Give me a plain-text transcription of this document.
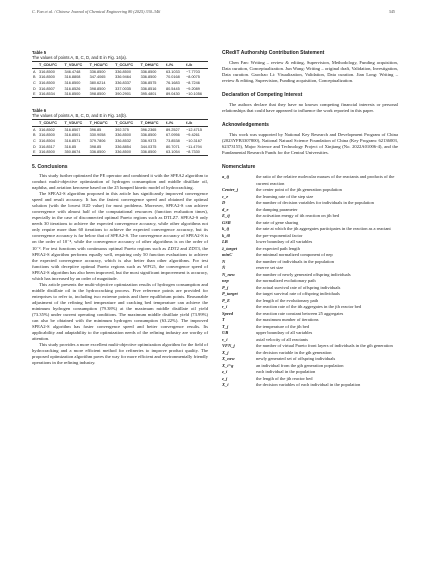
C. Fan et al. / Chinese Journal of Chemical Engineering 80 (2025) 330–346	345
Table 5
The values of points A, B, C, D, and E in Fig. 14(a).
	T_CDU/°C	T_VDU/°C	T_HCU/°C	T_CCU/°C	T_DHU/°C	f₁/%	f₂/k
A	316.8500	346.4748	336.8500	336.8500	336.8500	63.1033	−7.7703
B	316.8500	316.8808	347.4065	336.9464	336.8500	70.0168	−8.0075
C	316.8500	316.8500	380.6214	336.8337	336.8575	76.1683	−8.7246
D	316.8507	316.8526	398.8500	337.0035	336.8516	80.5445	−9.2089
E	316.8534	316.8500	398.8500	390.2901	395.4801	89.0430	−10.1056
Table 6
The values of points A, B, C, D, and E in Fig. 14(b).
	T_CDU/°C	T_VDU/°C	T_HCU/°C	T_CCU/°C	T_DHU/°C	f₁/%	f₂/k
A	316.8502	316.8507	396.85	392.375	396.2365	89.2527	−12.4715
B	316.8500	316.8501	330.9058	336.8500	336.8500	67.0956	−9.4261
C	316.8504	316.8571	379.7806	336.8532	336.9373	73.8538	−10.3167
D	316.8517	316.85	398.85	336.8854	344.0375	80.7071	−11.4794
E	316.8500	350.8674	336.8500	336.8500	336.8500	63.1054	−8.7330
5. Conclusions

This study further optimized the PE operator and combined it with the SPEA2 algorithm to conduct multi-objective optimization of hydrogen consumption and middle distillate oil, naphtha, and aviation kerosene based on the 25 lumped kinetic model of hydrocracking.

The SPEA2-S algorithm proposed in this article has significantly improved convergence speed and result accuracy. It has the fastest convergence speed and obtained the optimal solution (with the lowest IGD value) for most problems. Moreover, SPEA2-S can achieve convergence with almost half of the computational resources (function evaluation times), especially in the case of disconnected optimal Pareto regions such as DTLZ7. SPEA2-S only needs 30 iterations to achieve the expected convergence accuracy, while other algorithms not only require more than 60 iterations to achieve the expected convergence accuracy, but its convergence accuracy is far below that of SPEA2-S. The convergence accuracy of SPEA2-S is on the order of 10⁻⁴, while the convergence accuracy of other algorithms is on the order of 10⁻². For test functions with continuous optimal Pareto regions such as ZDT2 and ZDT3, the SPEA2-S algorithm performs equally well, requiring only 50 function evaluations to achieve the expected convergence accuracy, which is also better than other algorithms. For test functions with deceptive optimal Pareto regions such as WFG5, the convergence speed of SPEA2-S algorithm has also been improved, but the most significant improvement is accuracy, which has increased by an order of magnitude.

This article presents the multi-objective optimization results of hydrogen consumption and middle distillate oil in the hydrocracking process. Five reference points are provided for enterprises to refer to, including two extreme points and three equilibrium points. Reasonable adjustment of the refining bed temperature and cracking bed temperature can achieve the minimum hydrogen consumption (79.38%) at the maximum middle distillate oil yield (73.35%) under current operating conditions. The maximum middle distillate yield (73.99%) can also be obtained with the minimum hydrogen consumption (63.22%). The improved SPEA2-S algorithm has faster convergence speed and better convergence results. Its applicability and adaptability to the optimization needs of the refining industry are worthy of attention.

This study provides a more excellent multi-objective optimization algorithm for the field of hydrocracking and a more efficient method for refineries to improve product quality. The proposed optimization algorithm paves the way for more efficient and environmentally friendly operations in the refining industry.

CRediT Authorship Contribution Statement

Chen Fan: Writing – review & editing, Supervision, Methodology, Funding acquisition, Data curation, Conceptualization. Jun Wang: Writing – original draft, Validation, Investigation, Data curation. Gaochao Li: Visualization, Validation, Data curation. Jian Long: Writing – review & editing, Supervision, Funding acquisition, Conceptualization.

Declaration of Competing Interest

The authors declare that they have no known competing financial interests or personal relationships that could have appeared to influence the work reported in this paper.

Acknowledgements

This work was supported by National Key Research and Development Program of China (2023YFB3307800), National Natural Science Foundation of China (Key Program: 62136003, 62373155), Major Science and Technology Project of Xinjiang (No. 2022A01006-4), and the Fundamental Research Funds for the Central Universities.

Nomenclature
a_ij	the ratio of the relative molecular masses of the reactants and products of the current reaction
Center_j	the center point of the jth generation population
c_e	the learning rate of the step size
D	the number of decision variables for individuals in the population
d_e	the damping parameter
E_ij	the activation energy of ith reaction on jth bed
GSR	the rate of gene sharing
k_ij	the rate at which the jth aggregates participates in the reaction as a reactant
k_i0	the pre-exponential factor
LB	lower boundary of all variables
λ_target	the expected path length
minC	the minimal normalized component of nep
N	the number of individuals in the population
N̄	reserve set size
N_new	the number of newly generated offspring individuals
nep	the normalized evolutionary path
P_j	the actual survival rate of offspring individuals
P_target	the target survival rate of offspring individuals
P_E	the length of the evolutionary path
r_i	the reaction rate of the ith aggregates in the jth reactor bed
Speed	the reaction rate constant between 25 aggregates
T	the maximum number of iterations
T_j	the temperature of the jth bed
UB	upper boundary of all variables
v_i	axial velocity of all reactants
VFN_j	the number of virtual Pareto front layers of individuals in the gth generation
X_j	the decision variable in the gth generation
X_new	newly generated set of offspring individuals
X_i^g	an individual from the gth generation population
z_i	each individual in the population
z_j	the length of the jth reactor bed
X_i	the decision variables of each individual in the population
